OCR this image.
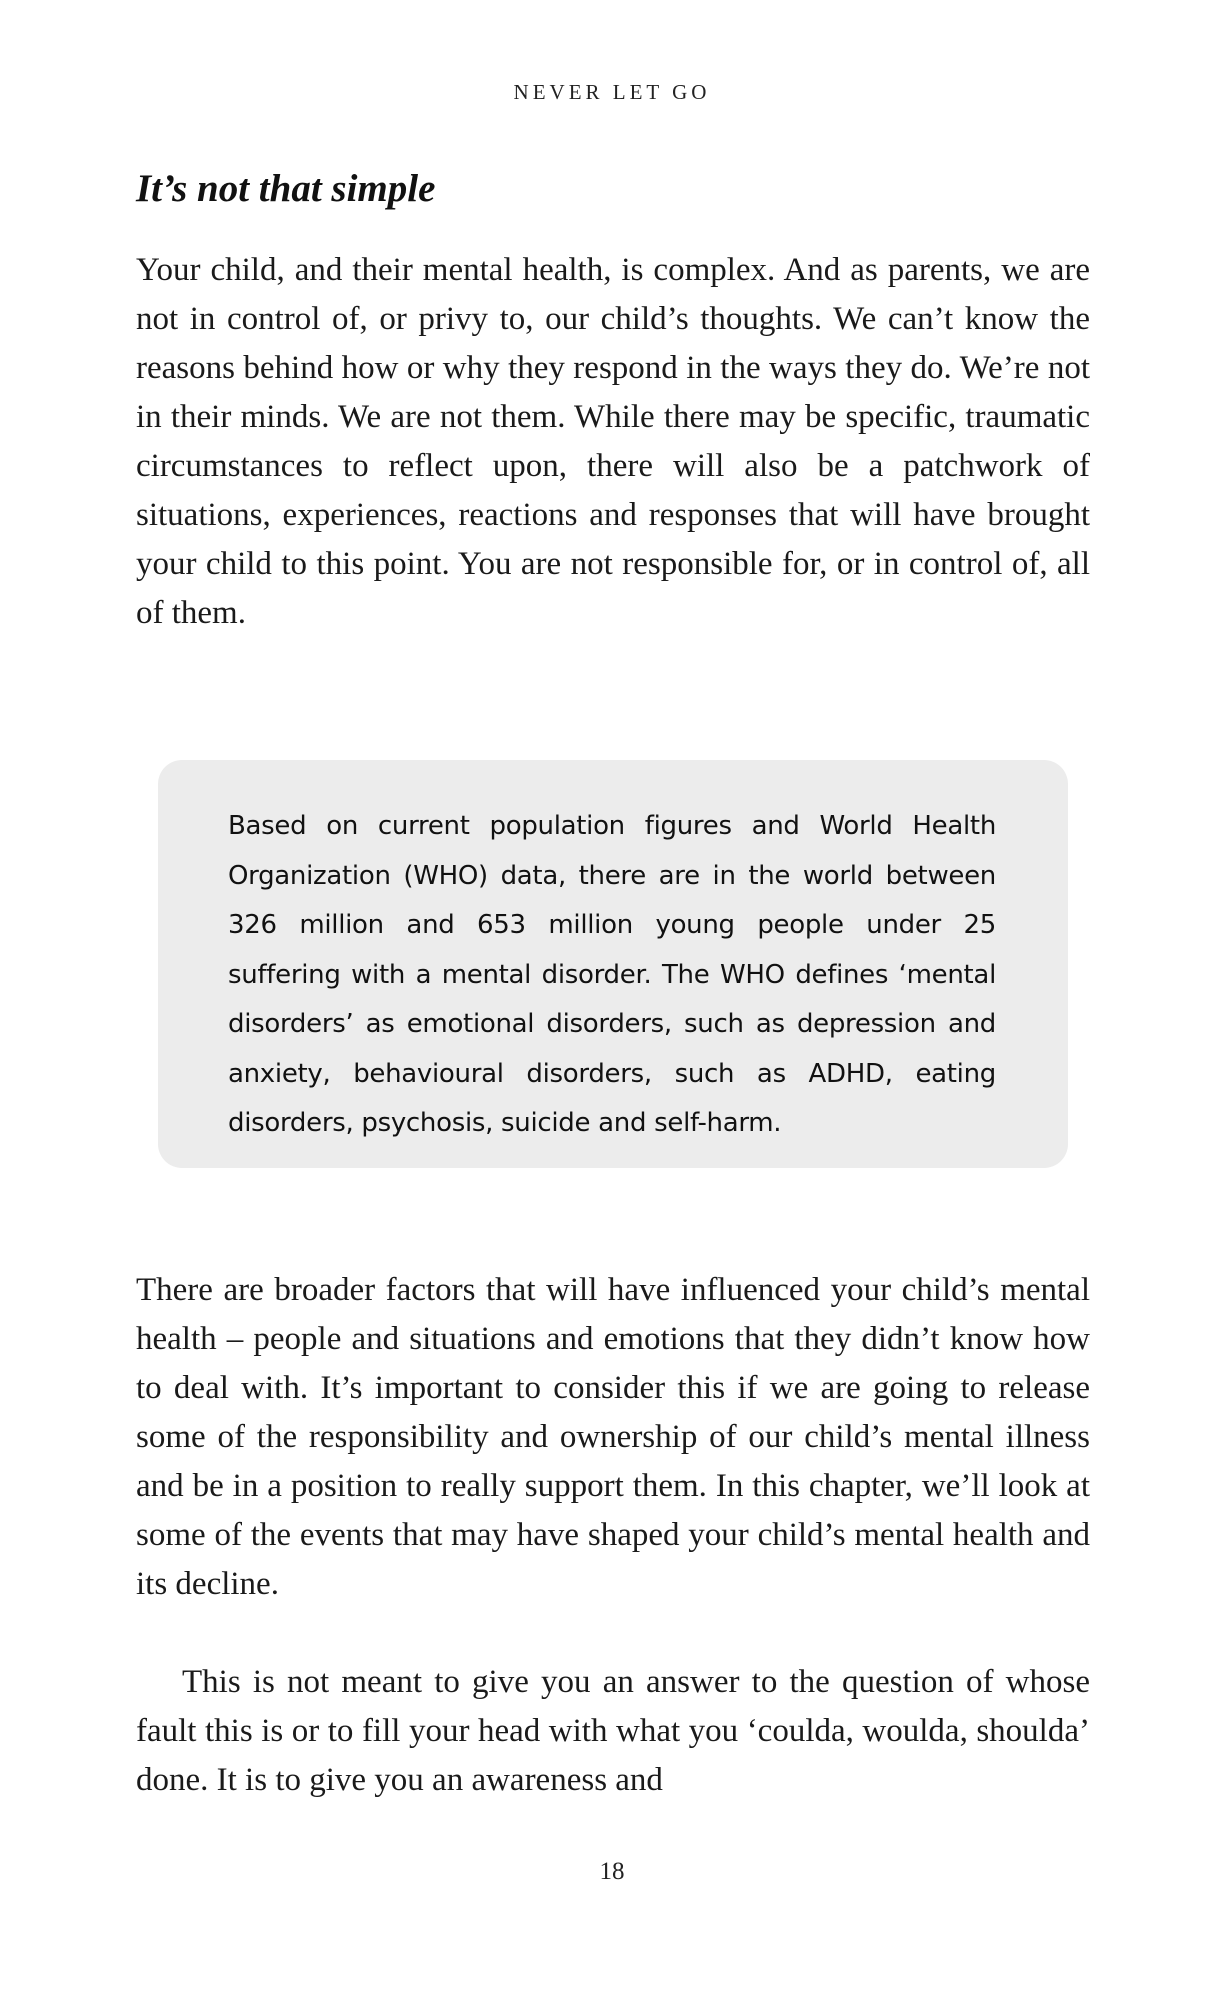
NEVER LET GO
It’s not that simple

Your child, and their mental health, is complex. And as parents, we are not in control of, or privy to, our child’s thoughts. We can’t know the reasons behind how or why they respond in the ways they do. We’re not in their minds. We are not them. While there may be specific, traumatic circumstances to reflect upon, there will also be a patchwork of situations, experiences, reactions and responses that will have brought your child to this point. You are not responsible for, or in control of, all of them.

Based on current population figures and World Health Organization (WHO) data, there are in the world between 326 million and 653 million young people under 25 suffering with a mental disorder. The WHO defines ‘mental disorders’ as emotional disorders, such as depression and anxiety, behavioural disorders, such as ADHD, eating disorders, psychosis, suicide and self-harm.

There are broader factors that will have influenced your child’s mental health – people and situations and emotions that they didn’t know how to deal with. It’s important to consider this if we are going to release some of the responsibility and ownership of our child’s mental illness and be in a position to really support them. In this chapter, we’ll look at some of the events that may have shaped your child’s mental health and its decline.

This is not meant to give you an answer to the question of whose fault this is or to fill your head with what you ‘coulda, woulda, shoulda’ done. It is to give you an awareness and

18
